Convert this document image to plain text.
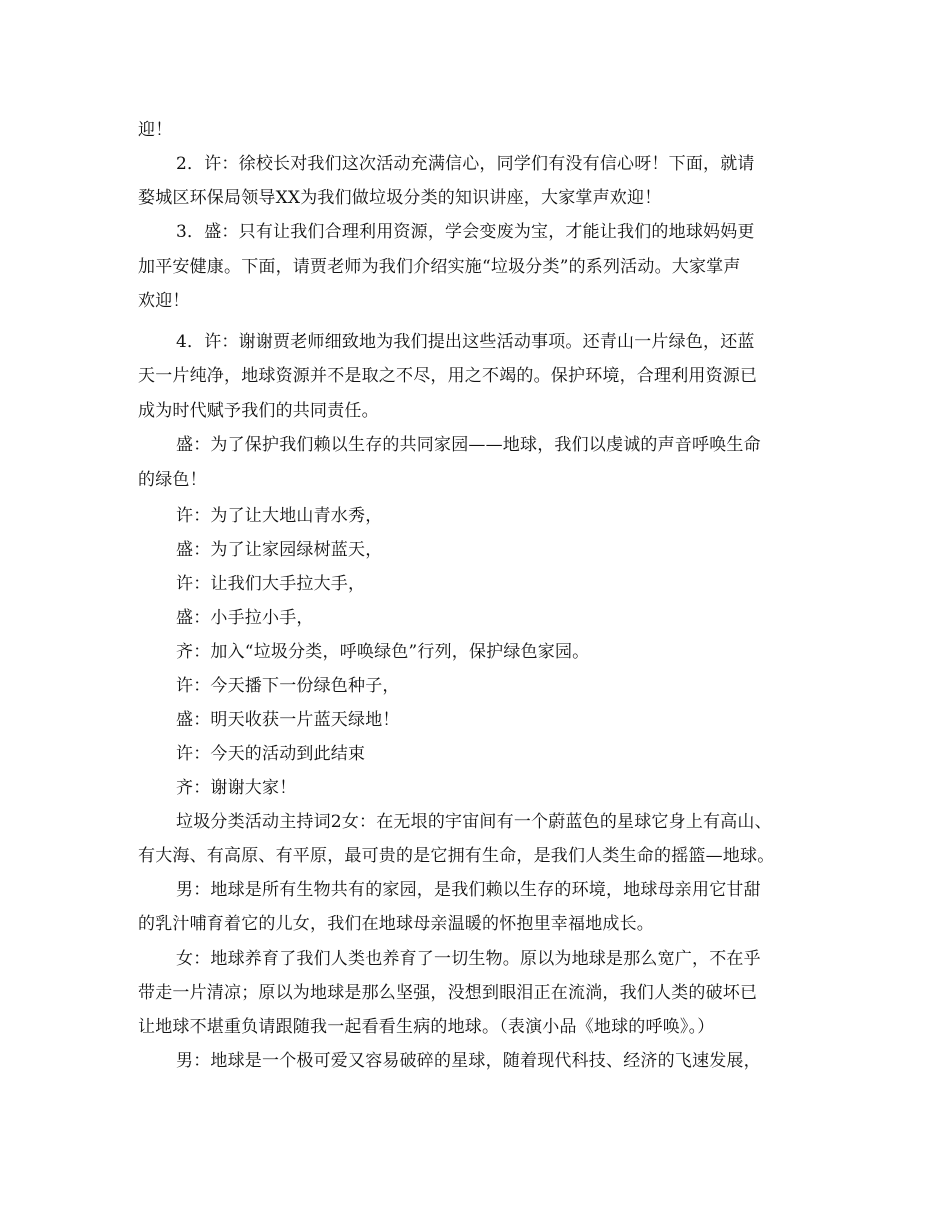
迎！
2．许：徐校长对我们这次活动充满信心，同学们有没有信心呀！下面，就请
婺城区环保局领导XX为我们做垃圾分类的知识讲座，大家掌声欢迎！
3．盛：只有让我们合理利用资源，学会变废为宝，才能让我们的地球妈妈更
加平安健康。下面，请贾老师为我们介绍实施“垃圾分类”的系列活动。大家掌声
欢迎！
4．许：谢谢贾老师细致地为我们提出这些活动事项。还青山一片绿色，还蓝
天一片纯净，地球资源并不是取之不尽，用之不竭的。保护环境，合理利用资源已
成为时代赋予我们的共同责任。
盛：为了保护我们赖以生存的共同家园——地球，我们以虔诚的声音呼唤生命
的绿色！
许：为了让大地山青水秀，
盛：为了让家园绿树蓝天，
许：让我们大手拉大手，
盛：小手拉小手，
齐：加入“垃圾分类，呼唤绿色”行列，保护绿色家园。
许：今天播下一份绿色种子，
盛：明天收获一片蓝天绿地！
许：今天的活动到此结束
齐：谢谢大家！
垃圾分类活动主持词2女：在无垠的宇宙间有一个蔚蓝色的星球它身上有高山、
有大海、有高原、有平原，最可贵的是它拥有生命，是我们人类生命的摇篮—地球。
男：地球是所有生物共有的家园，是我们赖以生存的环境，地球母亲用它甘甜
的乳汁哺育着它的儿女，我们在地球母亲温暖的怀抱里幸福地成长。
女：地球养育了我们人类也养育了一切生物。原以为地球是那么宽广，不在乎
带走一片清凉；原以为地球是那么坚强，没想到眼泪正在流淌，我们人类的破坏已
让地球不堪重负请跟随我一起看看生病的地球。（表演小品《地球的呼唤》。）
男：地球是一个极可爱又容易破碎的星球，随着现代科技、经济的飞速发展，
